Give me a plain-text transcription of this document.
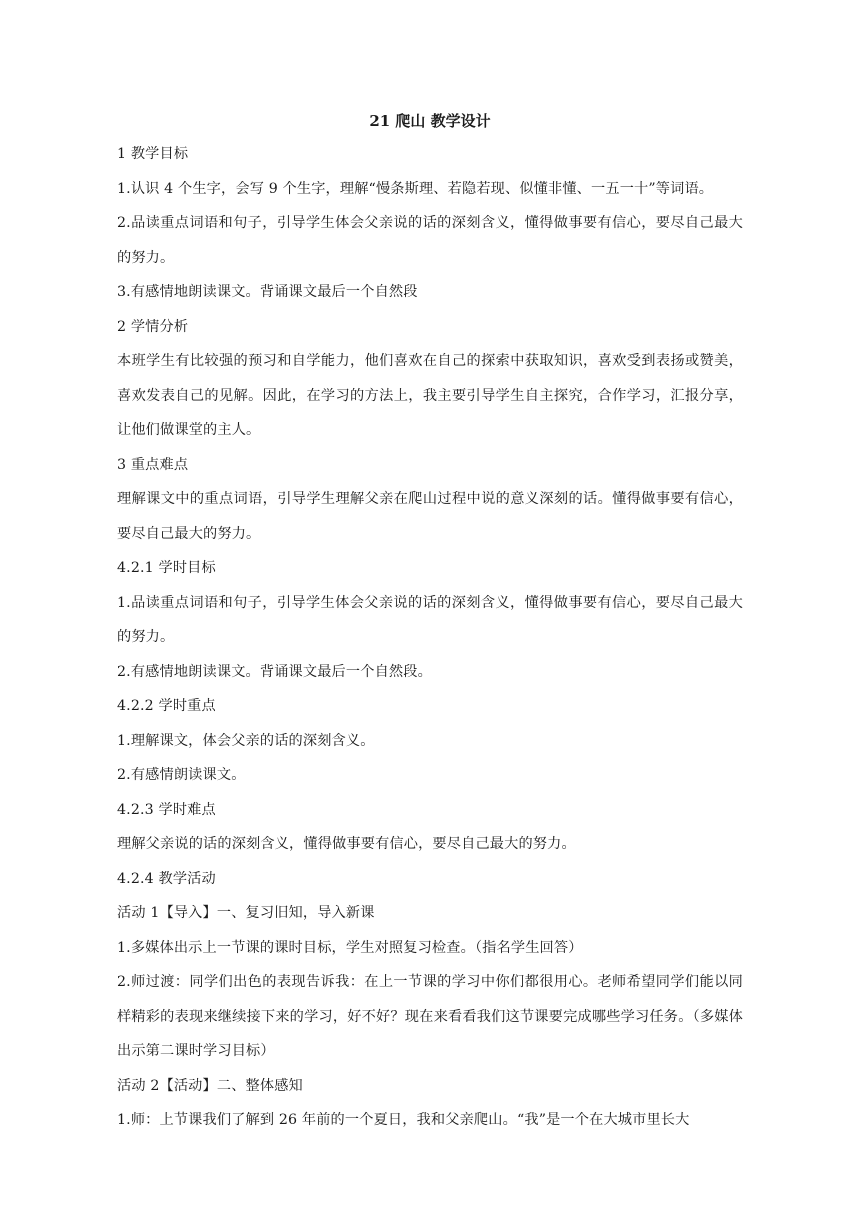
21 爬山 教学设计
1 教学目标
1.认识 4 个生字，会写 9 个生字，理解“慢条斯理、若隐若现、似懂非懂、一五一十”等词语。
2.品读重点词语和句子，引导学生体会父亲说的话的深刻含义，懂得做事要有信心，要尽自己最大的努力。
3.有感情地朗读课文。背诵课文最后一个自然段
2 学情分析
本班学生有比较强的预习和自学能力，他们喜欢在自己的探索中获取知识，喜欢受到表扬或赞美，喜欢发表自己的见解。因此，在学习的方法上，我主要引导学生自主探究，合作学习，汇报分享，让他们做课堂的主人。
3 重点难点
理解课文中的重点词语，引导学生理解父亲在爬山过程中说的意义深刻的话。懂得做事要有信心，要尽自己最大的努力。
4.2.1 学时目标
1.品读重点词语和句子，引导学生体会父亲说的话的深刻含义，懂得做事要有信心，要尽自己最大的努力。
2.有感情地朗读课文。背诵课文最后一个自然段。
4.2.2 学时重点
1.理解课文，体会父亲的话的深刻含义。
2.有感情朗读课文。
4.2.3 学时难点
理解父亲说的话的深刻含义，懂得做事要有信心，要尽自己最大的努力。
4.2.4 教学活动
活动 1【导入】一、复习旧知，导入新课
1.多媒体出示上一节课的课时目标，学生对照复习检查。（指名学生回答）
2.师过渡：同学们出色的表现告诉我：在上一节课的学习中你们都很用心。老师希望同学们能以同样精彩的表现来继续接下来的学习，好不好？现在来看看我们这节课要完成哪些学习任务。（多媒体出示第二课时学习目标）
活动 2【活动】二、整体感知
1.师：上节课我们了解到 26 年前的一个夏日，我和父亲爬山。“我”是一个在大城市里长大
